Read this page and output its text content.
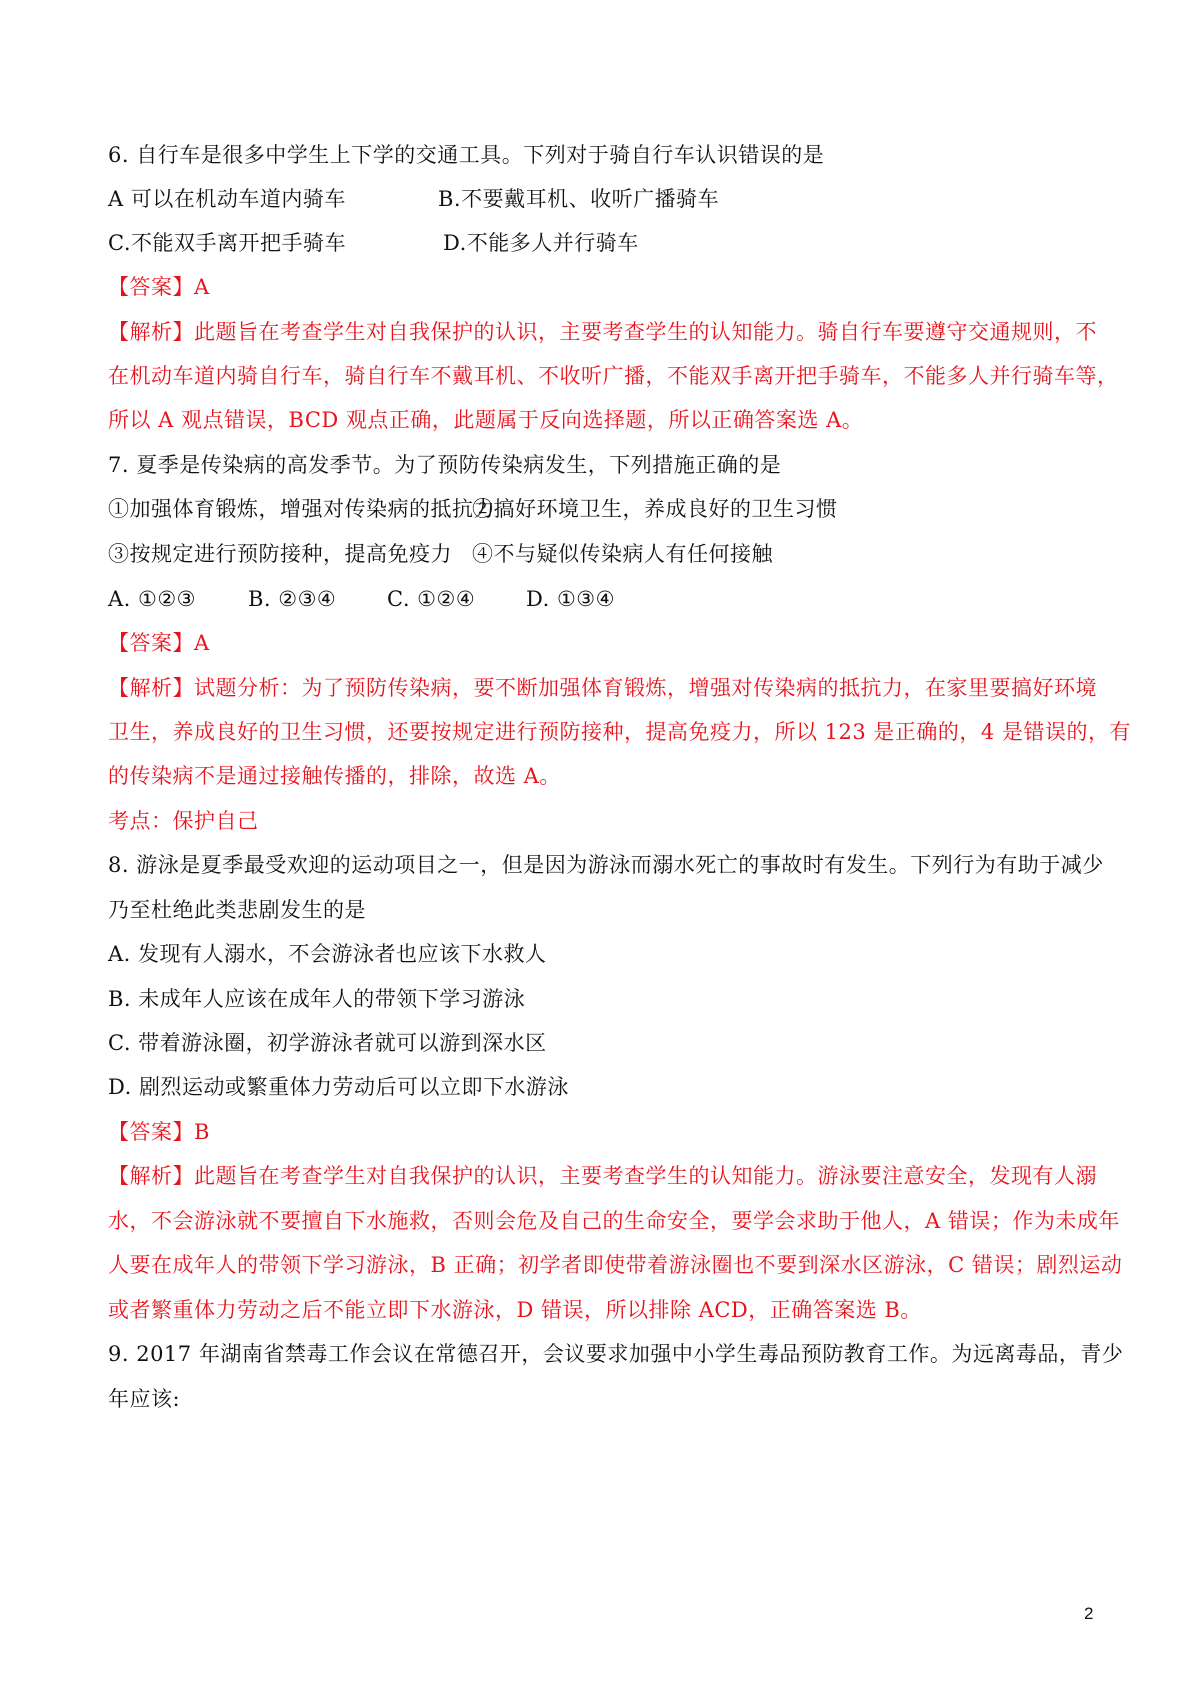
6. 自行车是很多中学生上下学的交通工具。下列对于骑自行车认识错误的是
A 可以在机动车道内骑车	B.不要戴耳机、收听广播骑车
C.不能双手离开把手骑车	D.不能多人并行骑车
【答案】A
【解析】此题旨在考查学生对自我保护的认识，主要考查学生的认知能力。骑自行车要遵守交通规则，不
在机动车道内骑自行车，骑自行车不戴耳机、不收听广播，不能双手离开把手骑车，不能多人并行骑车等，
所以 A 观点错误，BCD 观点正确，此题属于反向选择题，所以正确答案选 A。
7. 夏季是传染病的高发季节。为了预防传染病发生，下列措施正确的是
①加强体育锻炼，增强对传染病的抵抗力
②搞好环境卫生，养成良好的卫生习惯
③按规定进行预防接种，提高免疫力 ④不与疑似传染病人有任何接触
A. ①②③ B. ②③④ C. ①②④ D. ①③④
【答案】A
【解析】试题分析：为了预防传染病，要不断加强体育锻炼，增强对传染病的抵抗力，在家里要搞好环境
卫生，养成良好的卫生习惯，还要按规定进行预防接种，提高免疫力，所以 123 是正确的，4 是错误的，有
的传染病不是通过接触传播的，排除，故选 A。
考点：保护自己
8. 游泳是夏季最受欢迎的运动项目之一，但是因为游泳而溺水死亡的事故时有发生。下列行为有助于减少
乃至杜绝此类悲剧发生的是
A. 发现有人溺水，不会游泳者也应该下水救人
B. 未成年人应该在成年人的带领下学习游泳
C. 带着游泳圈，初学游泳者就可以游到深水区
D. 剧烈运动或繁重体力劳动后可以立即下水游泳
【答案】B
【解析】此题旨在考查学生对自我保护的认识，主要考查学生的认知能力。游泳要注意安全，发现有人溺
水，不会游泳就不要擅自下水施救，否则会危及自己的生命安全，要学会求助于他人，A 错误；作为未成年
人要在成年人的带领下学习游泳，B 正确；初学者即使带着游泳圈也不要到深水区游泳，C 错误；剧烈运动
或者繁重体力劳动之后不能立即下水游泳，D 错误，所以排除 ACD，正确答案选 B。
9. 2017 年湖南省禁毒工作会议在常德召开，会议要求加强中小学生毒品预防教育工作。为远离毒品，青少
年应该:
2
